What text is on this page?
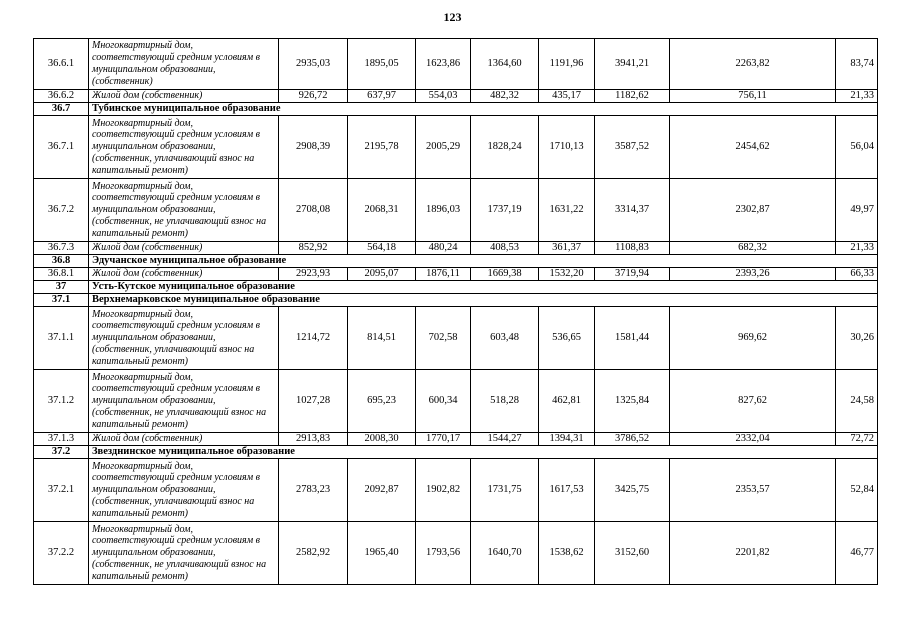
123
36.6.1	Многоквартирный дом, соответствующий средним условиям в муниципальном образовании, (собственник)	2935,03	1895,05	1623,86	1364,60	1191,96	3941,21	2263,82	83,74
36.6.2	Жилой дом (собственник)	926,72	637,97	554,03	482,32	435,17	1182,62	756,11	21,33
36.7	Тубинское муниципальное образование								
36.7.1	Многоквартирный дом, соответствующий средним условиям в муниципальном образовании, (собственник, уплачивающий взнос на капитальный ремонт)	2908,39	2195,78	2005,29	1828,24	1710,13	3587,52	2454,62	56,04
36.7.2	Многоквартирный дом, соответствующий средним условиям в муниципальном образовании, (собственник, не уплачивающий взнос на капитальный ремонт)	2708,08	2068,31	1896,03	1737,19	1631,22	3314,37	2302,87	49,97
36.7.3	Жилой дом (собственник)	852,92	564,18	480,24	408,53	361,37	1108,83	682,32	21,33
36.8	Эдучанское муниципальное образование								
36.8.1	Жилой дом (собственник)	2923,93	2095,07	1876,11	1669,38	1532,20	3719,94	2393,26	66,33
37	Усть-Кутское муниципальное образование								
37.1	Верхнемарковское муниципальное образование								
37.1.1	Многоквартирный дом, соответствующий средним условиям в муниципальном образовании, (собственник, уплачивающий взнос на капитальный ремонт)	1214,72	814,51	702,58	603,48	536,65	1581,44	969,62	30,26
37.1.2	Многоквартирный дом, соответствующий средним условиям в муниципальном образовании, (собственник, не уплачивающий взнос на капитальный ремонт)	1027,28	695,23	600,34	518,28	462,81	1325,84	827,62	24,58
37.1.3	Жилой дом (собственник)	2913,83	2008,30	1770,17	1544,27	1394,31	3786,52	2332,04	72,72
37.2	Звезднинское муниципальное образование								
37.2.1	Многоквартирный дом, соответствующий средним условиям в муниципальном образовании, (собственник, уплачивающий взнос на капитальный ремонт)	2783,23	2092,87	1902,82	1731,75	1617,53	3425,75	2353,57	52,84
37.2.2	Многоквартирный дом, соответствующий средним условиям в муниципальном образовании, (собственник, не уплачивающий взнос на капитальный ремонт)	2582,92	1965,40	1793,56	1640,70	1538,62	3152,60	2201,82	46,77
